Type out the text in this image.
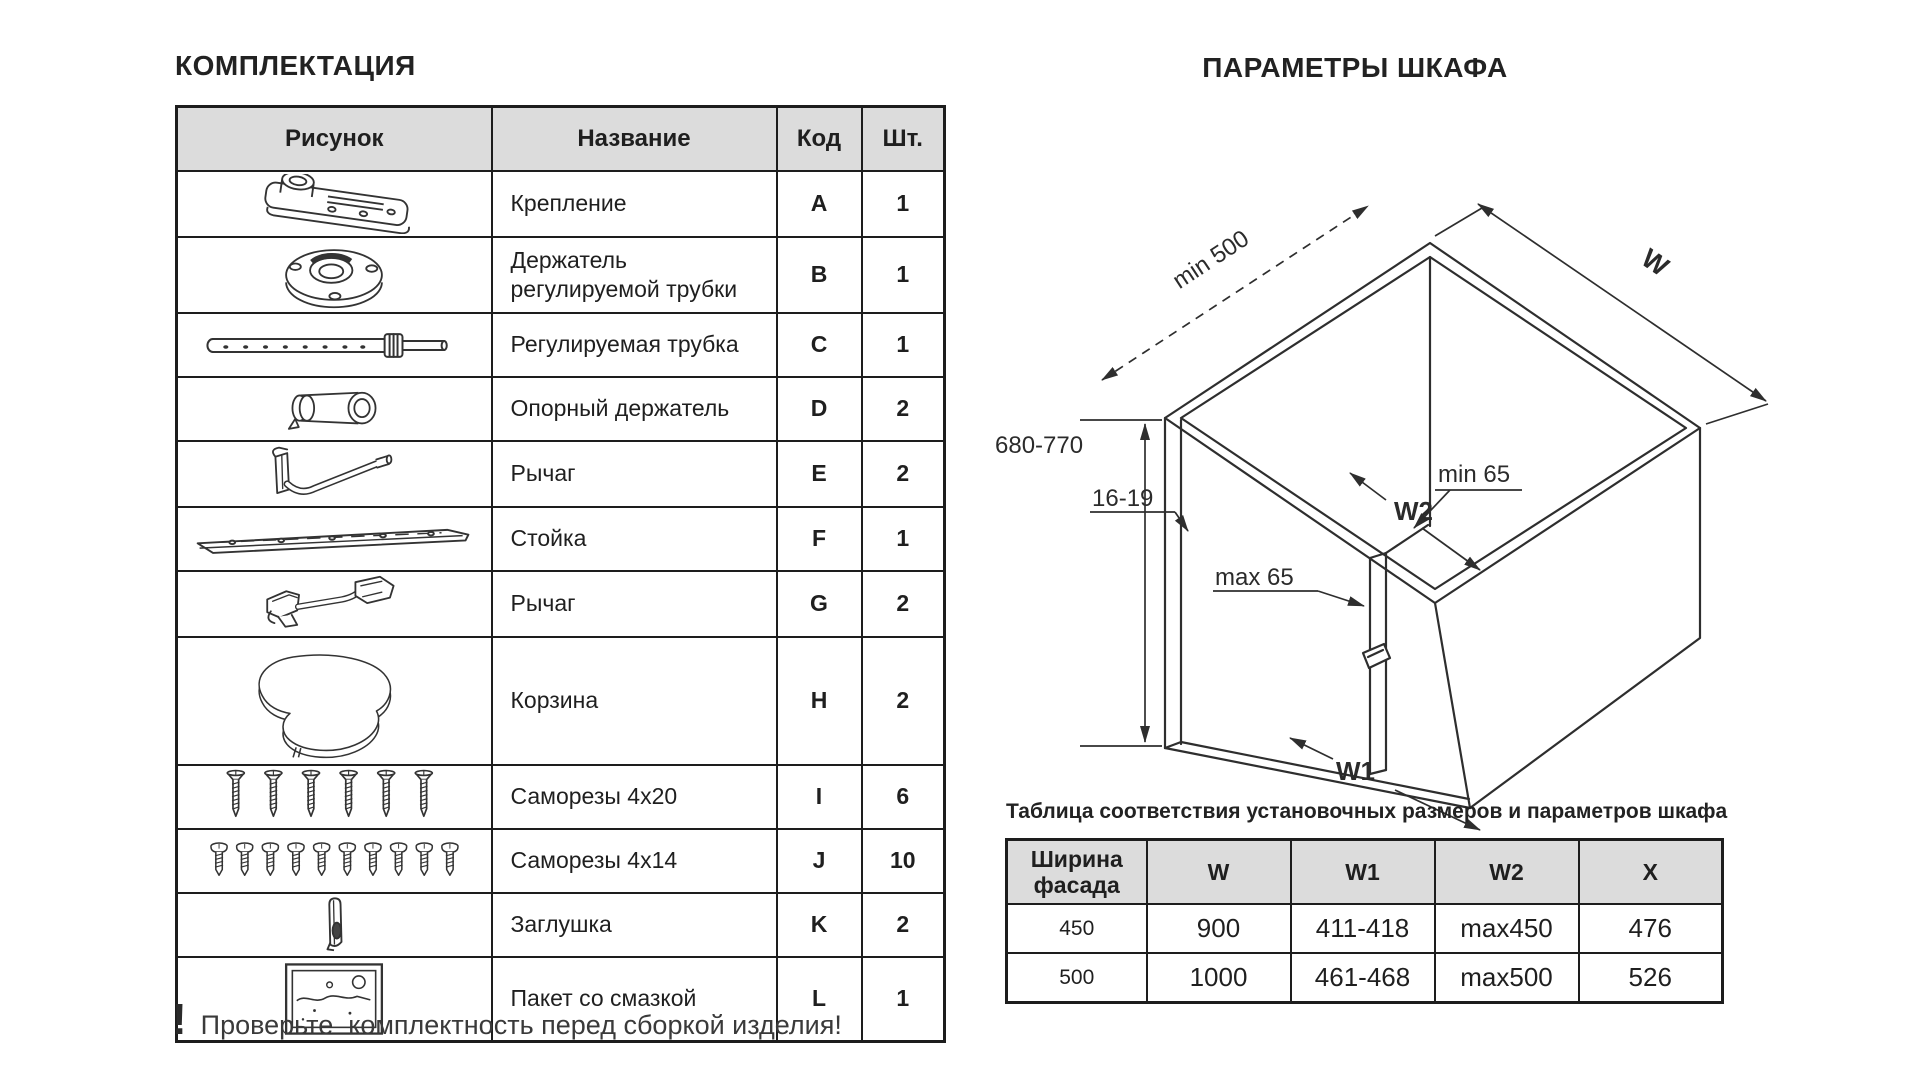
КОМПЛЕКТАЦИЯ
Рисунок	Название	Код	Шт.
	Крепление	A	1
	Держатель регулируемой трубки	B	1
	Регулируемая трубка	C	1
	Опорный держатель	D	2
	Рычаг	E	2
	Стойка	F	1
	Рычаг	G	2
	Корзина	H	2
	Саморезы 4x20	I	6
	Саморезы 4x14	J	10
	Заглушка	K	2
	Пакет со смазкой	L	1
! Проверьте  комплектность перед сборкой изделия!
ПАРАМЕТРЫ ШКАФА
min 500	W
680-770
16-19
min 65
W2
max 65
W1
Таблица соответствия установочных размеров и параметров шкафа
Ширина фасада	W	W1	W2	X
450	900	411-418	max450	476
500	1000	461-468	max500	526
